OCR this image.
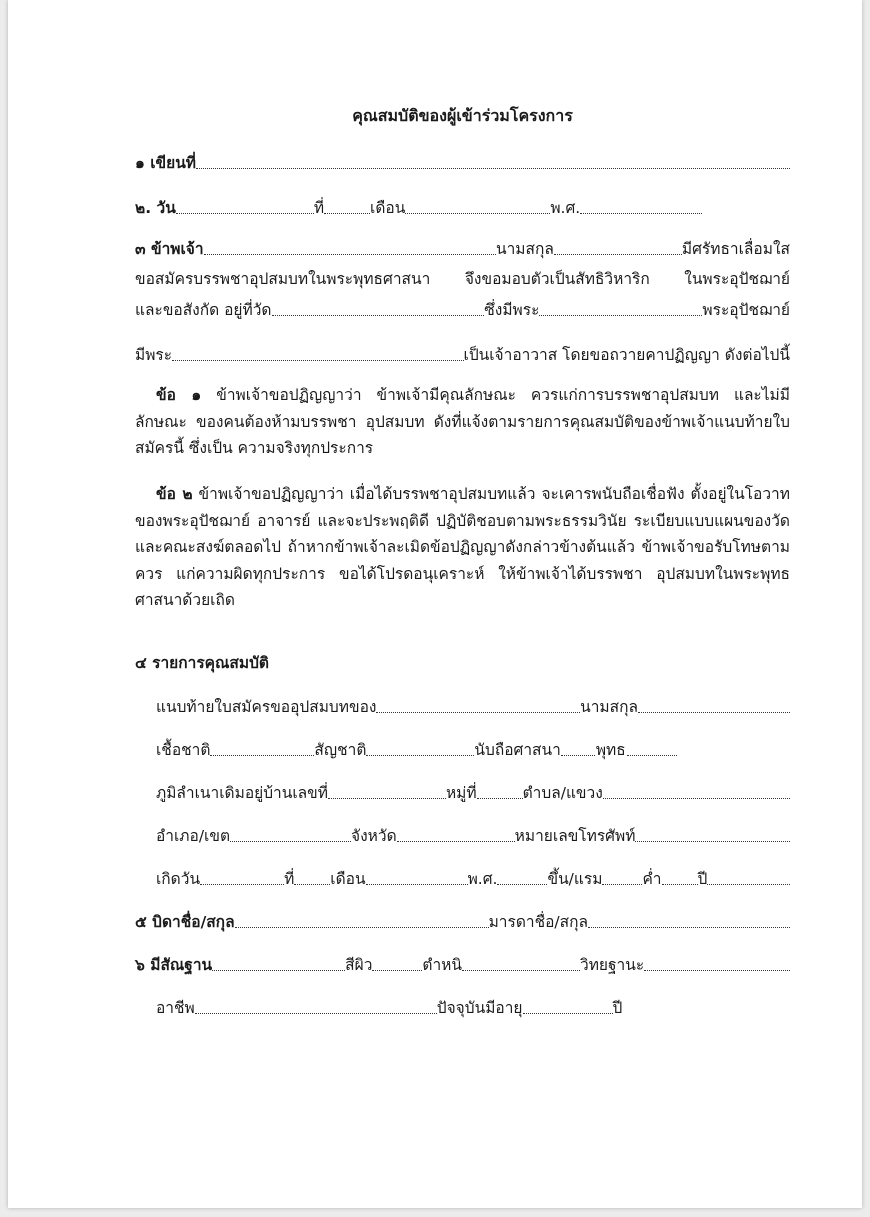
คุณสมบัติของผู้เข้าร่วมโครงการ
๑ เขียนที่
๒. วัน	ที่	เดือน	พ.ศ.
๓ ข้าพเจ้า	นามสกุล	มีศรัทธาเลื่อมใส
ขอสมัครบรรพชาอุปสมบทในพระพุทธศาสนา จึงขอมอบตัวเป็นสัทธิวิหาริก ในพระอุปัชฌาย์
และขอสังกัด อยู่ที่วัด	ซึ่งมีพระ	พระอุปัชฌาย์
มีพระ	เป็นเจ้าอาวาส โดยขอถวายคาปฏิญญา ดังต่อไปนี้
ข้อ ๑ ข้าพเจ้าขอปฏิญญาว่า ข้าพเจ้ามีคุณลักษณะ ควรแก่การบรรพชาอุปสมบท และไม่มีลักษณะ ของคนต้องห้ามบรรพชา อุปสมบท ดังที่แจ้งตามรายการคุณสมบัติของข้าพเจ้าแนบท้ายใบสมัครนี้ ซึ่งเป็น ความจริงทุกประการ
ข้อ ๒ ข้าพเจ้าขอปฏิญญาว่า เมื่อได้บรรพชาอุปสมบทแล้ว จะเคารพนับถือเชื่อฟัง ตั้งอยู่ในโอวาทของพระอุปัชฌาย์ อาจารย์ และจะประพฤติดี ปฏิบัติชอบตามพระธรรมวินัย ระเบียบแบบแผนของวัด และคณะสงฆ์ตลอดไป ถ้าหากข้าพเจ้าละเมิดข้อปฏิญญาดังกล่าวข้างต้นแล้ว ข้าพเจ้าขอรับโทษตามควร แก่ความผิดทุกประการ ขอได้โปรดอนุเคราะห์ ให้ข้าพเจ้าได้บรรพชา อุปสมบทในพระพุทธศาสนาด้วยเถิด
๔ รายการคุณสมบัติ
แนบท้ายใบสมัครขออุปสมบทของ	นามสกุล
เชื้อชาติ	สัญชาติ	นับถือศาสนา พุทธ
ภูมิลำเนาเดิมอยู่บ้านเลขที่	หมู่ที่	ตำบล/แขวง
อำเภอ/เขต	จังหวัด	หมายเลขโทรศัพท์
เกิดวัน	ที่ เดือน	พ.ศ.	ขึ้น/แรม	ค่ำ ปี
๕ บิดาชื่อ/สกุล	มารดาชื่อ/สกุล
๖ มีสัณฐาน	สีผิว	ตำหนิ	วิทยฐานะ
อาชีพ	ปัจจุบันมีอายุ	ปี
